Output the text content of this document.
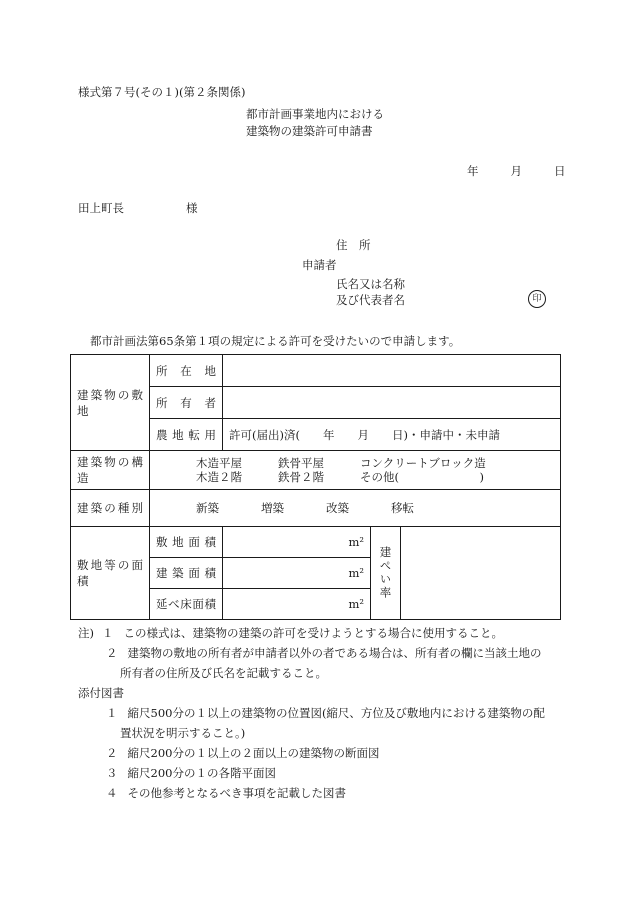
様式第７号(その１)(第２条関係)
都市計画事業地内における
建築物の建築許可申請書
年	月	日
田上町長	様
住　所
申請者
氏名又は名称
及び代表者名	印
都市計画法第65条第１項の規定による許可を受けたいので申請します。
建築物の敷地	所在地			
	所有者			
	農地転用	許可(届出)済(　　年　　月　　日)・申請中・未申請		
建築物の構造	木造平屋 鉄骨平屋 コンクリートブロック造
木造２階 鉄骨２階 その他(　　　　　　　)			

建築の種別	新築 増築 改築 移転			
敷地等の面積	敷地面積	m²	建ぺい率	
	建築面積	m²		
	延べ床面積	m²		
注) １ この様式は、建築物の建築の許可を受けようとする場合に使用すること。
２ 建築物の敷地の所有者が申請者以外の者である場合は、所有者の欄に当該土地の
所有者の住所及び氏名を記載すること。
添付図書
１ 縮尺500分の１以上の建築物の位置図(縮尺、方位及び敷地内における建築物の配
置状況を明示すること。)
２ 縮尺200分の１以上の２面以上の建築物の断面図
３ 縮尺200分の１の各階平面図
４ その他参考となるべき事項を記載した図書
